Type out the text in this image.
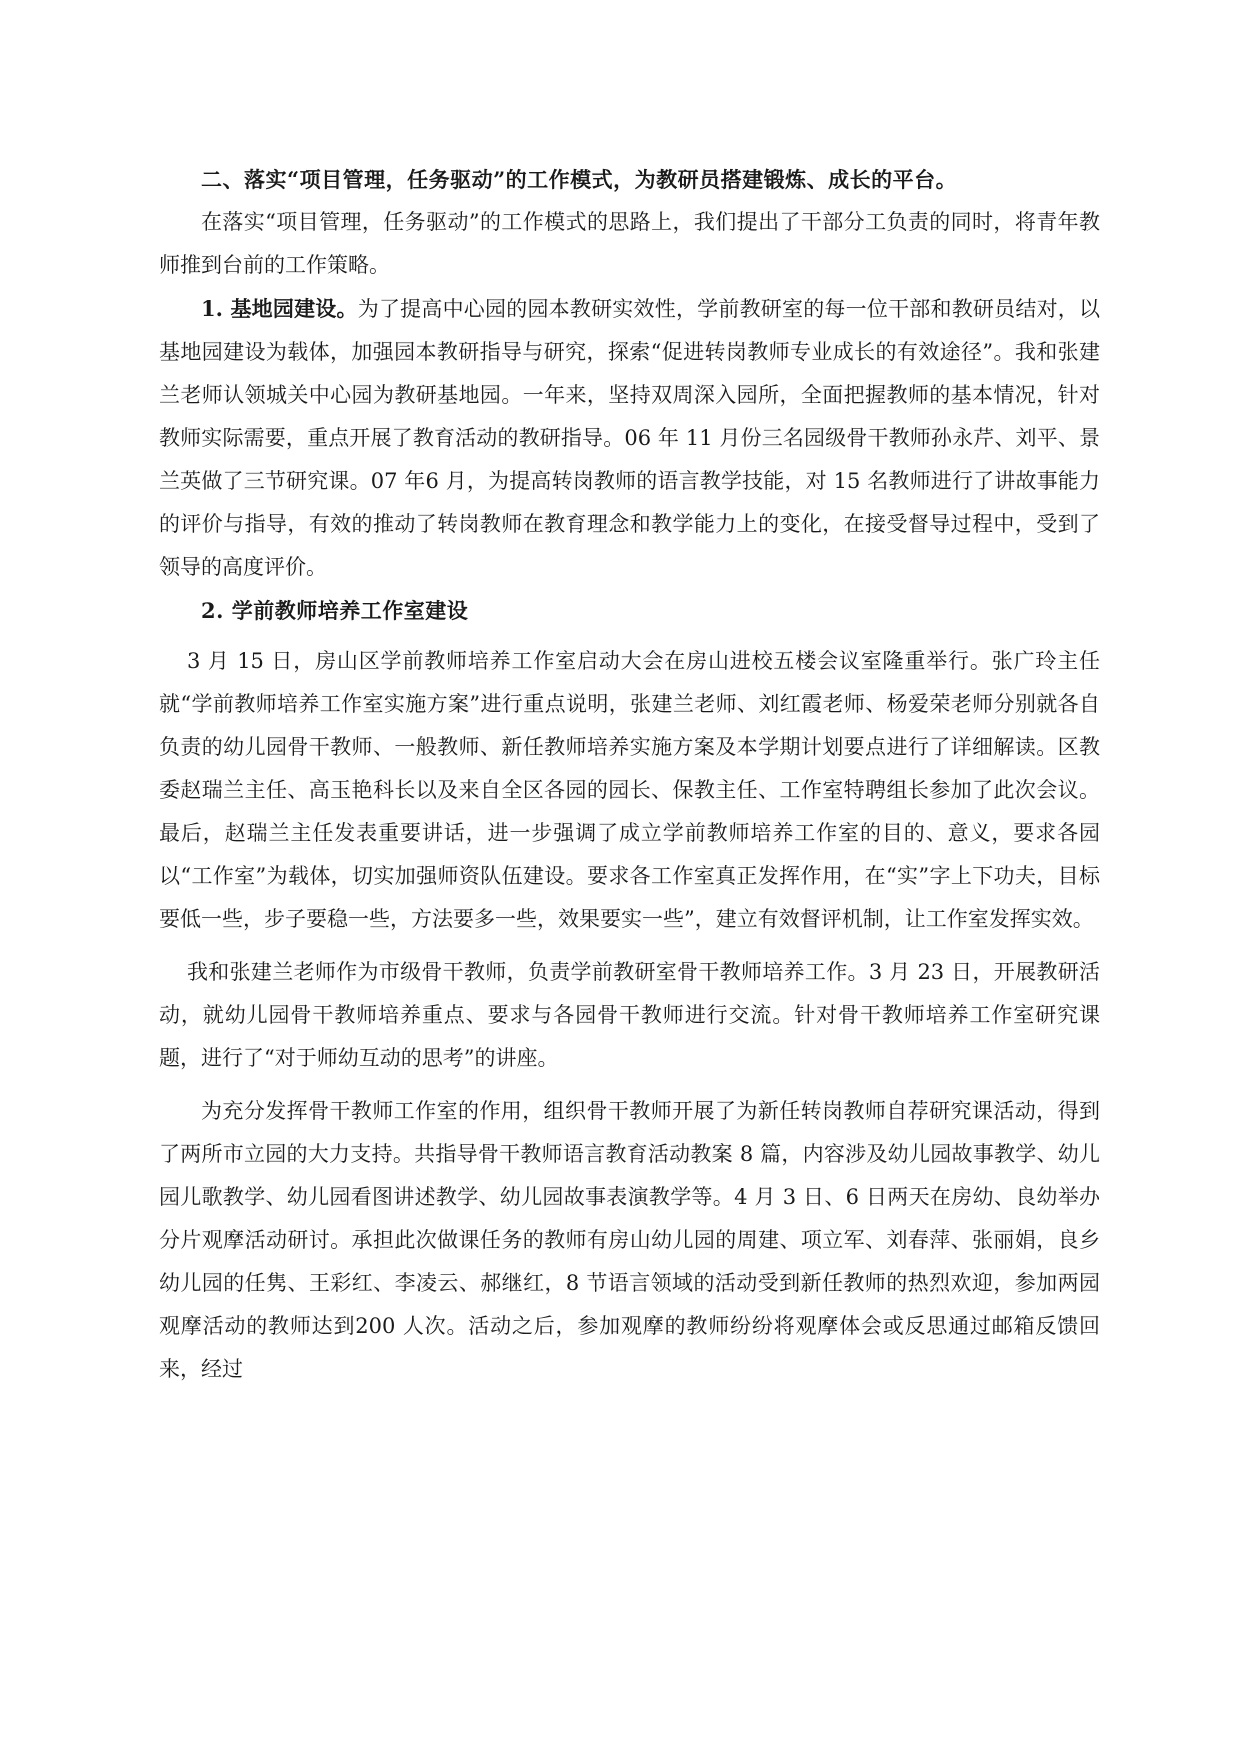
二、落实“项目管理，任务驱动”的工作模式，为教研员搭建锻炼、成长的平台。

在落实“项目管理，任务驱动”的工作模式的思路上，我们提出了干部分工负责的同时，将青年教师推到台前的工作策略。

1. 基地园建设。为了提高中心园的园本教研实效性，学前教研室的每一位干部和教研员结对，以基地园建设为载体，加强园本教研指导与研究，探索“促进转岗教师专业成长的有效途径”。我和张建兰老师认领城关中心园为教研基地园。一年来，坚持双周深入园所，全面把握教师的基本情况，针对教师实际需要，重点开展了教育活动的教研指导。06 年 11 月份三名园级骨干教师孙永芹、刘平、景兰英做了三节研究课。07 年6 月，为提高转岗教师的语言教学技能，对 15 名教师进行了讲故事能力的评价与指导，有效的推动了转岗教师在教育理念和教学能力上的变化，在接受督导过程中，受到了领导的高度评价。

2. 学前教师培养工作室建设

3 月 15 日，房山区学前教师培养工作室启动大会在房山进校五楼会议室隆重举行。张广玲主任就“学前教师培养工作室实施方案”进行重点说明，张建兰老师、刘红霞老师、杨爱荣老师分别就各自负责的幼儿园骨干教师、一般教师、新任教师培养实施方案及本学期计划要点进行了详细解读。区教委赵瑞兰主任、高玉艳科长以及来自全区各园的园长、保教主任、工作室特聘组长参加了此次会议。最后，赵瑞兰主任发表重要讲话，进一步强调了成立学前教师培养工作室的目的、意义，要求各园以“工作室”为载体，切实加强师资队伍建设。要求各工作室真正发挥作用，在“实”字上下功夫，目标要低一些，步子要稳一些，方法要多一些，效果要实一些”，建立有效督评机制，让工作室发挥实效。

我和张建兰老师作为市级骨干教师，负责学前教研室骨干教师培养工作。3 月 23 日，开展教研活动，就幼儿园骨干教师培养重点、要求与各园骨干教师进行交流。针对骨干教师培养工作室研究课题，进行了“对于师幼互动的思考”的讲座。

为充分发挥骨干教师工作室的作用，组织骨干教师开展了为新任转岗教师自荐研究课活动，得到了两所市立园的大力支持。共指导骨干教师语言教育活动教案 8 篇，内容涉及幼儿园故事教学、幼儿园儿歌教学、幼儿园看图讲述教学、幼儿园故事表演教学等。4 月 3 日、6 日两天在房幼、良幼举办分片观摩活动研讨。承担此次做课任务的教师有房山幼儿园的周建、项立军、刘春萍、张丽娟，良乡幼儿园的任隽、王彩红、李凌云、郝继红，8 节语言领域的活动受到新任教师的热烈欢迎，参加两园观摩活动的教师达到200 人次。活动之后，参加观摩的教师纷纷将观摩体会或反思通过邮箱反馈回来，经过
